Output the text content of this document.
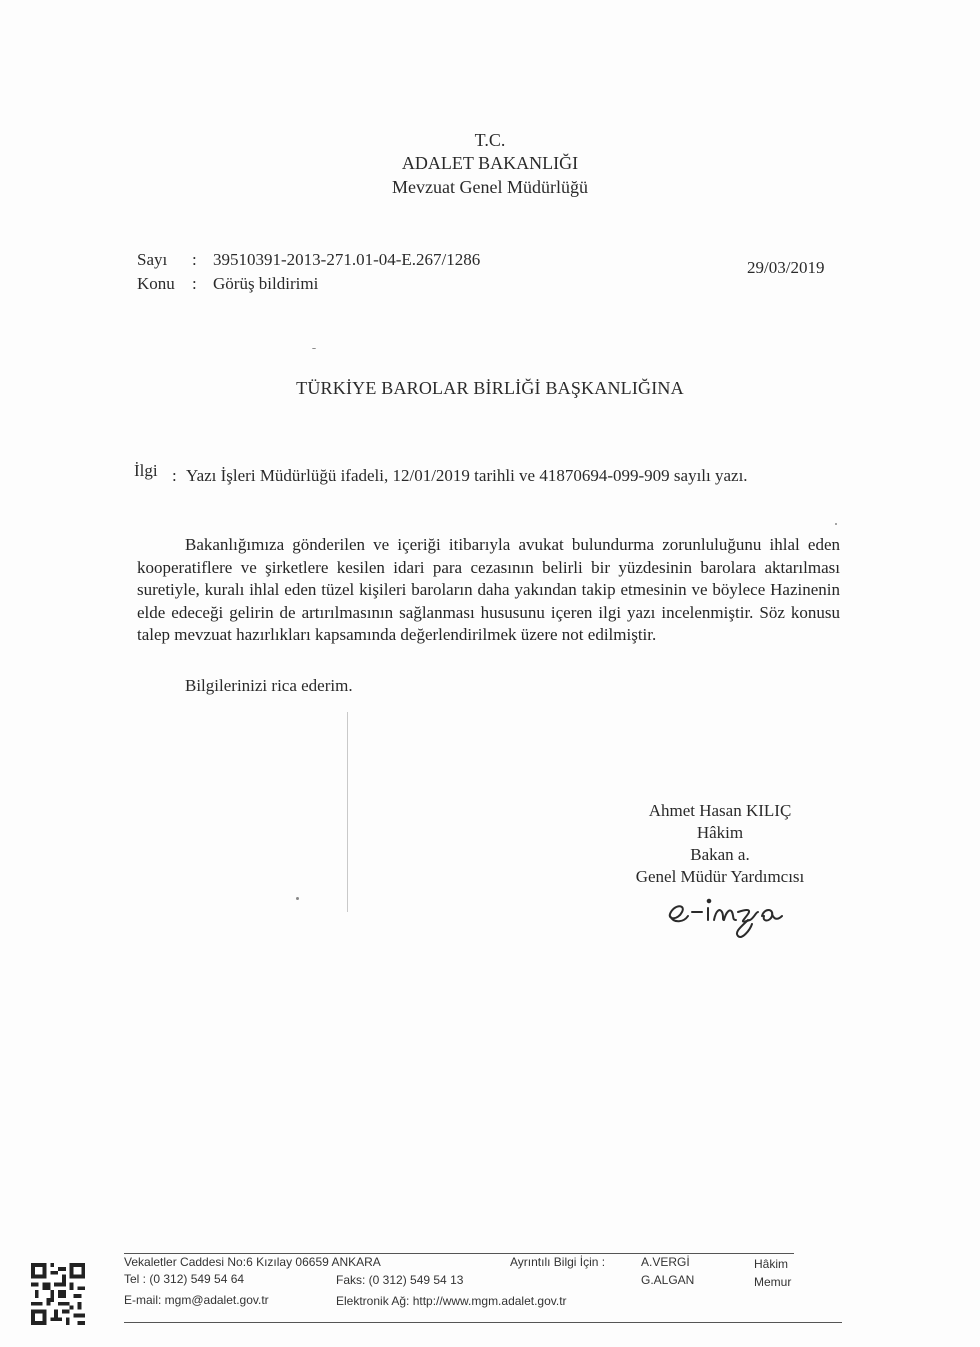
T.C.
ADALET BAKANLIĞI
Mevzuat Genel Müdürlüğü
Sayı : 39510391-2013-271.01-04-E.267/1286
Konu : Görüş bildirimi
29/03/2019
TÜRKİYE BAROLAR BİRLİĞİ BAŞKANLIĞINA
İlgi : Yazı İşleri Müdürlüğü ifadeli, 12/01/2019 tarihli ve 41870694-099-909 sayılı yazı.

Bakanlığımıza gönderilen ve içeriği itibarıyla avukat bulundurma zorunluluğunu ihlal eden kooperatiflere ve şirketlere kesilen idari para cezasının belirli bir yüzdesinin barolara aktarılması suretiyle, kuralı ihlal eden tüzel kişileri baroların daha yakından takip etmesinin ve böylece Hazinenin elde edeceği gelirin de artırılmasının sağlanması hususunu içeren ilgi yazı incelenmiştir. Söz konusu talep mevzuat hazırlıkları kapsamında değerlendirilmek üzere not edilmiştir.

Bilgilerinizi rica ederim.
Ahmet Hasan KILIÇ
Hâkim
Bakan a.
Genel Müdür Yardımcısı
Vekaletler Caddesi No:6 Kızılay 06659 ANKARA	Ayrıntılı Bilgi İçin :	A.VERGİ	Hâkim
Tel : (0 312) 549 54 64	Faks: (0 312) 549 54 13	G.ALGAN	Memur
E-mail: mgm@adalet.gov.tr	Elektronik Ağ: http://www.mgm.adalet.gov.tr
